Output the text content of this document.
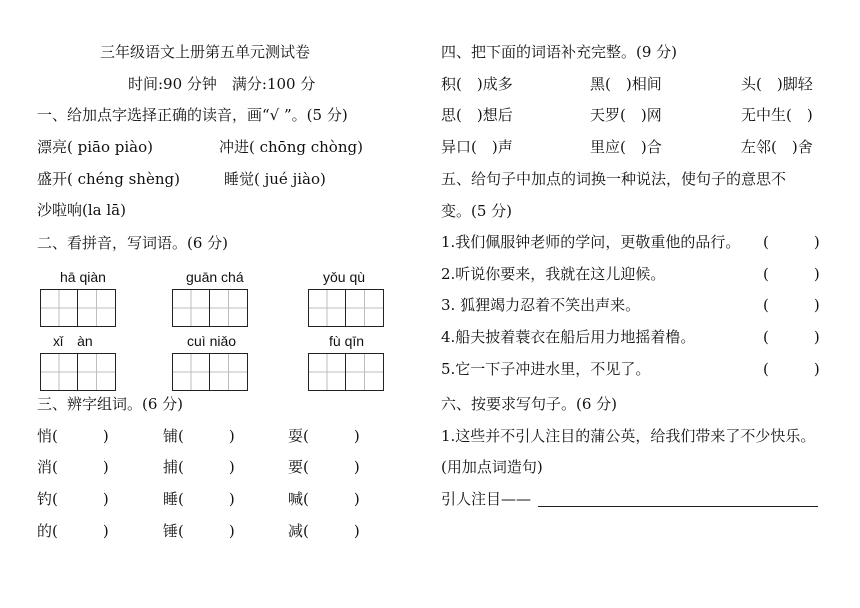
三年级语文上册第五单元测试卷
时间:90 分钟　满分:100 分
一、给加点字选择正确的读音，画“√ ”。(5 分)
漂亮( piāo piào)	冲进( chōng chòng)
盛开( chéng shèng)	睡觉( jué jiào)
沙啦响(la lā)
二、看拼音，写词语。(6 分)
hā qiàn	guān chá	yǒu qù
xǐ　àn	cuì niǎo	fù qīn
三、辨字组词。(6 分)
悄(　　　)	铺(　　　)	耍(　　　)
消(　　　)	捕(　　　)	要(　　　)
钓(　　　)	睡(　　　)	喊(　　　)
的(　　　)	锤(　　　)	减(　　　)
四、把下面的词语补充完整。(9 分)
积(　)成多	黑(　)相间	头(　)脚轻
思(　)想后	天罗(　)网	无中生(　)
异口(　)声	里应(　)合	左邻(　)舍
五、给句子中加点的词换一种说法，使句子的意思不
变。(5 分)
1.我们佩服钟老师的学问，更敬重他的品行。 (　　　)
2.听说你要来，我就在这儿迎候。	(　　　)
3. 狐狸竭力忍着不笑出声来。	(　　　)
4.船夫披着蓑衣在船后用力地摇着橹。	(　　　)
5.它一下子冲进水里，不见了。	(　　　)
六、按要求写句子。(6 分)
1.这些并不引人注目的蒲公英，给我们带来了不少快乐。
(用加点词造句)
引人注目——
